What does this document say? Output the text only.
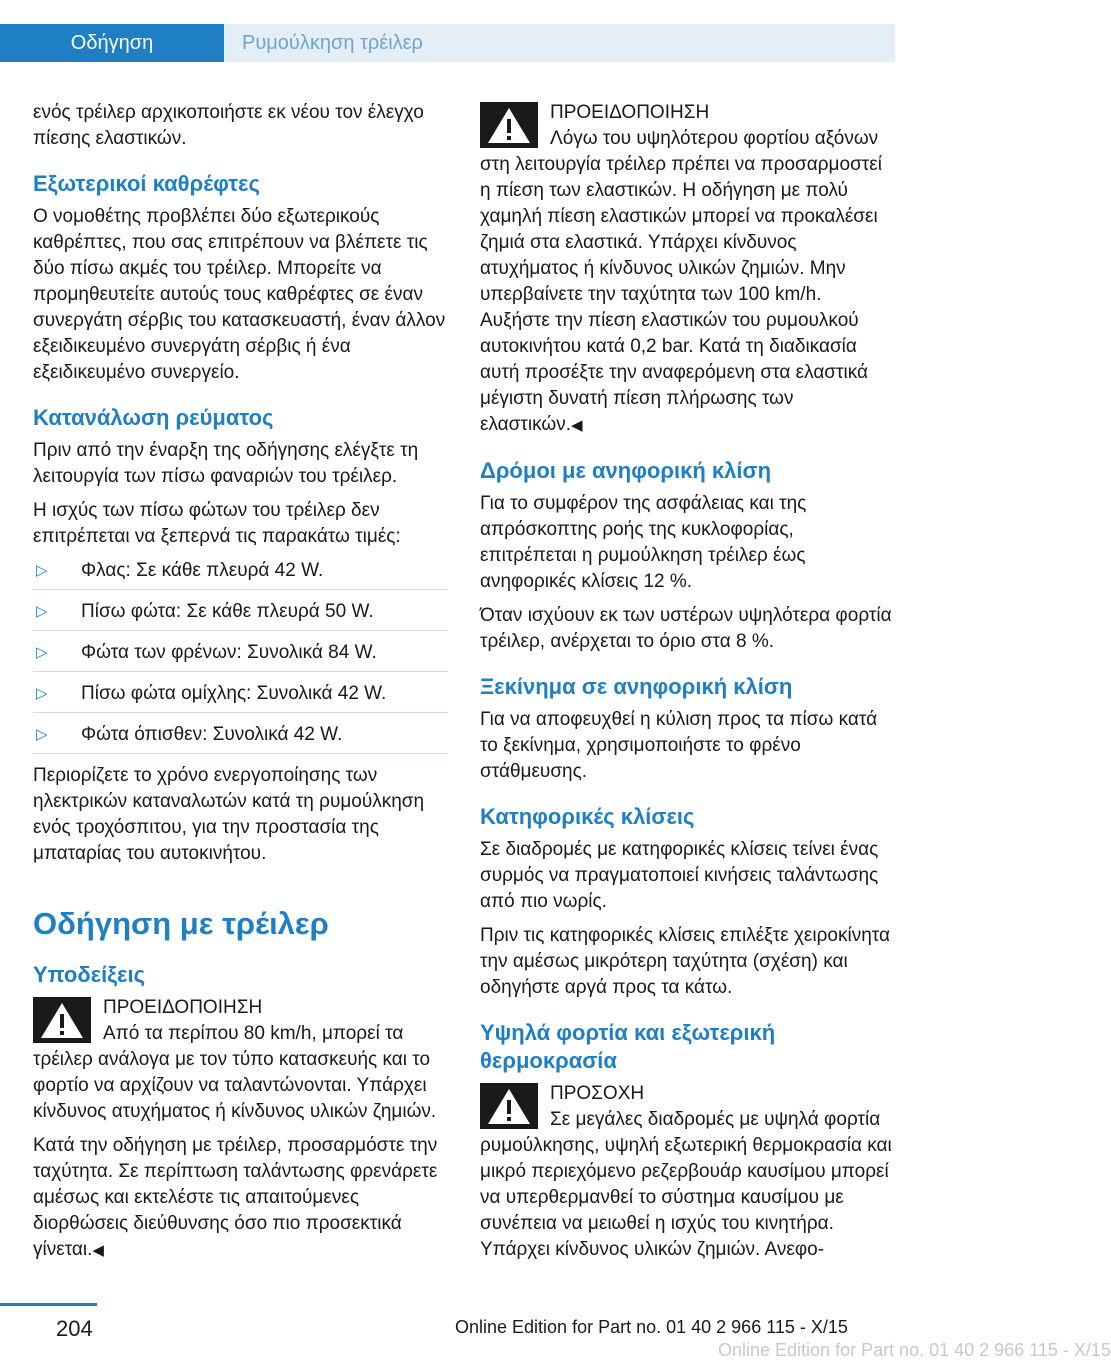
Οδήγηση	Ρυμούλκηση τρέιλερ

ενός τρέιλερ αρχικοποιήστε εκ νέου τον έλεγχο πίεσης ελαστικών.

Εξωτερικοί καθρέφτες

Ο νομοθέτης προβλέπει δύο εξωτερικούς καθρέπτες, που σας επιτρέπουν να βλέπετε τις δύο πίσω ακμές του τρέιλερ. Μπορείτε να προμηθευτείτε αυτούς τους καθρέφτες σε έναν συνεργάτη σέρβις του κατασκευαστή, έναν άλλον εξειδικευμένο συνεργάτη σέρβις ή ένα εξειδικευμένο συνεργείο.

Κατανάλωση ρεύματος

Πριν από την έναρξη της οδήγησης ελέγξτε τη λειτουργία των πίσω φαναριών του τρέιλερ.

Η ισχύς των πίσω φώτων του τρέιλερ δεν επιτρέπεται να ξεπερνά τις παρακάτω τιμές:

▷ Φλας: Σε κάθε πλευρά 42 W.
▷ Πίσω φώτα: Σε κάθε πλευρά 50 W.
▷ Φώτα των φρένων: Συνολικά 84 W.
▷ Πίσω φώτα ομίχλης: Συνολικά 42 W.
▷ Φώτα όπισθεν: Συνολικά 42 W.

Περιορίζετε το χρόνο ενεργοποίησης των ηλεκτρικών καταναλωτών κατά τη ρυμούλκηση ενός τροχόσπιτου, για την προστασία της μπαταρίας του αυτοκινήτου.

Οδήγηση με τρέιλερ
Υποδείξεις
ΠΡΟΕΙΔΟΠΟΙΗΣΗ
Από τα περίπου 80 km/h, μπορεί τα τρέιλερ ανάλογα με τον τύπο κατασκευής και το φορτίο να αρχίζουν να ταλαντώνονται. Υπάρχει κίνδυνος ατυχήματος ή κίνδυνος υλικών ζημιών.

Κατά την οδήγηση με τρέιλερ, προσαρμόστε την ταχύτητα. Σε περίπτωση ταλάντωσης φρενάρετε αμέσως και εκτελέστε τις απαιτούμενες διορθώσεις διεύθυνσης όσο πιο προσεκτικά γίνεται.◀

ΠΡΟΕΙΔΟΠΟΙΗΣΗ
Λόγω του υψηλότερου φορτίου αξόνων στη λειτουργία τρέιλερ πρέπει να προσαρμοστεί η πίεση των ελαστικών. Η οδήγηση με πολύ χαμηλή πίεση ελαστικών μπορεί να προκαλέσει ζημιά στα ελαστικά. Υπάρχει κίνδυνος ατυχήματος ή κίνδυνος υλικών ζημιών. Μην υπερβαίνετε την ταχύτητα των 100 km/h. Αυξήστε την πίεση ελαστικών του ρυμουλκού αυτοκινήτου κατά 0,2 bar. Κατά τη διαδικασία αυτή προσέξτε την αναφερόμενη στα ελαστικά μέγιστη δυνατή πίεση πλήρωσης των ελαστικών.◀
Δρόμοι με ανηφορική κλίση

Για το συμφέρον της ασφάλειας και της απρόσκοπτης ροής της κυκλοφορίας, επιτρέπεται η ρυμούλκηση τρέιλερ έως ανηφορικές κλίσεις 12 %.

Όταν ισχύουν εκ των υστέρων υψηλότερα φορτία τρέιλερ, ανέρχεται το όριο στα 8 %.

Ξεκίνημα σε ανηφορική κλίση

Για να αποφευχθεί η κύλιση προς τα πίσω κατά το ξεκίνημα, χρησιμοποιήστε το φρένο στάθμευσης.

Κατηφορικές κλίσεις

Σε διαδρομές με κατηφορικές κλίσεις τείνει ένας συρμός να πραγματοποιεί κινήσεις ταλάντωσης από πιο νωρίς.

Πριν τις κατηφορικές κλίσεις επιλέξτε χειροκίνητα την αμέσως μικρότερη ταχύτητα (σχέση) και οδηγήστε αργά προς τα κάτω.

Υψηλά φορτία και εξωτερική θερμοκρασία
ΠΡΟΣΟΧΗ
Σε μεγάλες διαδρομές με υψηλά φορτία ρυμούλκησης, υψηλή εξωτερική θερμοκρασία και μικρό περιεχόμενο ρεζερβουάρ καυσίμου μπορεί να υπερθερμανθεί το σύστημα καυσίμου με συνέπεια να μειωθεί η ισχύς του κινητήρα. Υπάρχει κίνδυνος υλικών ζημιών. Ανεφο-
204	Online Edition for Part no. 01 40 2 966 115 - X/15
Online Edition for Part no. 01 40 2 966 115 - X/15
